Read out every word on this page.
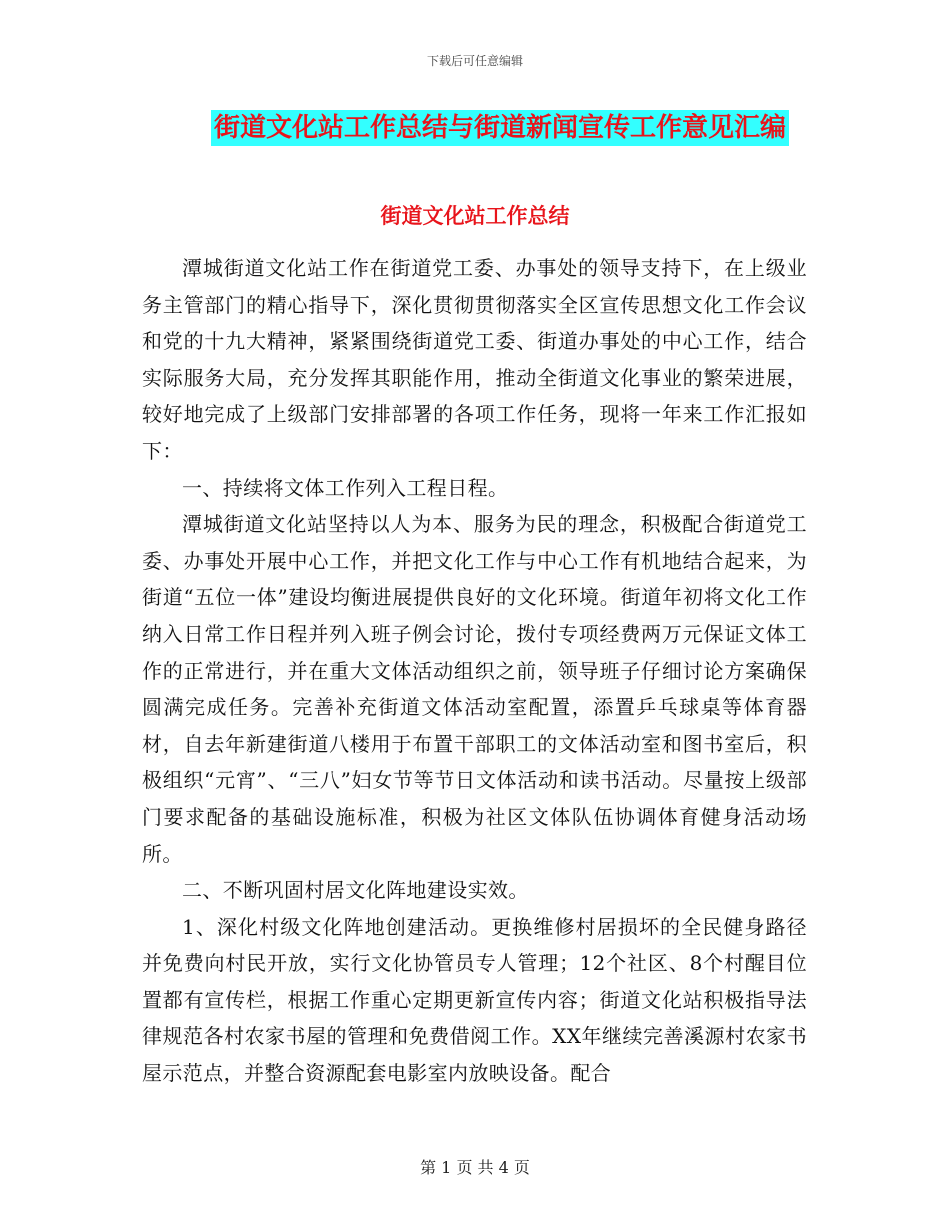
下载后可任意编辑
街道文化站工作总结与街道新闻宣传工作意见汇编
街道文化站工作总结

潭城街道文化站工作在街道党工委、办事处的领导支持下，在上级业务主管部门的精心指导下，深化贯彻贯彻落实全区宣传思想文化工作会议和党的十九大精神，紧紧围绕街道党工委、街道办事处的中心工作，结合实际服务大局，充分发挥其职能作用，推动全街道文化事业的繁荣进展，较好地完成了上级部门安排部署的各项工作任务，现将一年来工作汇报如下：

一、持续将文体工作列入工程日程。

潭城街道文化站坚持以人为本、服务为民的理念，积极配合街道党工委、办事处开展中心工作，并把文化工作与中心工作有机地结合起来，为街道“五位一体”建设均衡进展提供良好的文化环境。街道年初将文化工作纳入日常工作日程并列入班子例会讨论，拨付专项经费两万元保证文体工作的正常进行，并在重大文体活动组织之前，领导班子仔细讨论方案确保圆满完成任务。完善补充街道文体活动室配置，添置乒乓球桌等体育器材，自去年新建街道八楼用于布置干部职工的文体活动室和图书室后，积极组织“元宵”、“三八”妇女节等节日文体活动和读书活动。尽量按上级部门要求配备的基础设施标准，积极为社区文体队伍协调体育健身活动场所。

二、不断巩固村居文化阵地建设实效。

1、深化村级文化阵地创建活动。更换维修村居损坏的全民健身路径并免费向村民开放，实行文化协管员专人管理；12个社区、8个村醒目位置都有宣传栏，根据工作重心定期更新宣传内容；街道文化站积极指导法律规范各村农家书屋的管理和免费借阅工作。XX年继续完善溪源村农家书屋示范点，并整合资源配套电影室内放映设备。配合

第 1 页 共 4 页
